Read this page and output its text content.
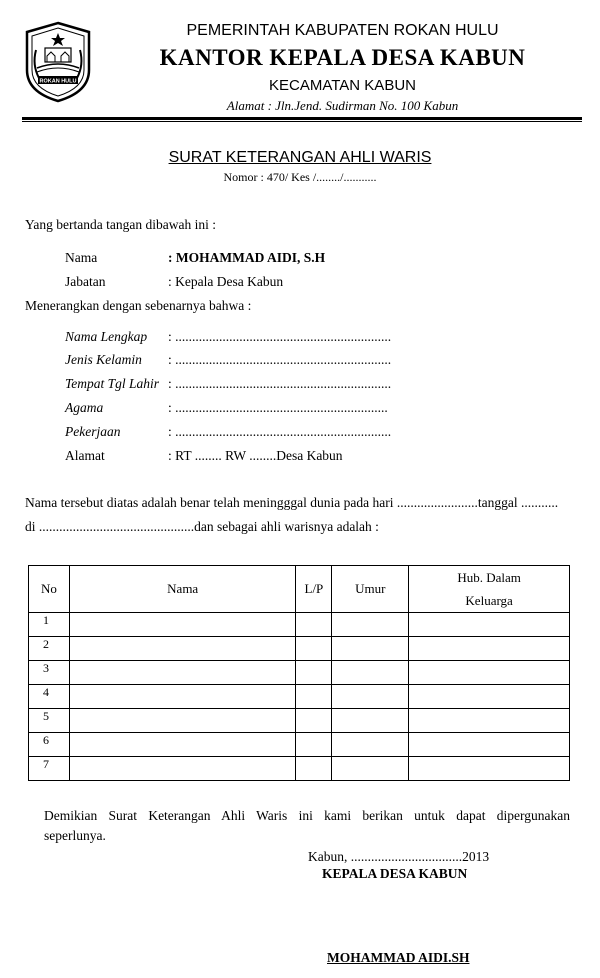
ROKAN HULU
PEMERINTAH KABUPATEN ROKAN HULU
KANTOR KEPALA DESA KABUN
KECAMATAN KABUN
Alamat : Jln.Jend. Sudirman No. 100 Kabun
SURAT KETERANGAN AHLI WARIS
Nomor : 470/ Kes /......../...........
Yang bertanda tangan dibawah ini :
Nama	: MOHAMMAD AIDI, S.H
Jabatan	: Kepala Desa Kabun
Menerangkan dengan sebenarnya bahwa :
Nama Lengkap : ................................................................
Jenis Kelamin : ................................................................
Tempat Tgl Lahir : ................................................................
Agama	: ...............................................................
Pekerjaan	: ................................................................
Alamat	: RT ........ RW ........Desa Kabun
Nama tersebut diatas adalah benar telah meningggal dunia pada hari ........................tanggal ...........
di ..............................................dan sebagai ahli warisnya adalah :
No	Nama	L/P	Umur	Hub. Dalam
Keluarga

1				
2				
3				
4				
5				
6				
7				
Demikian Surat Keterangan Ahli Waris ini kami berikan untuk dapat dipergunakan
seperlunya.
Kabun, .................................2013
KEPALA DESA KABUN
MOHAMMAD AIDI.SH
